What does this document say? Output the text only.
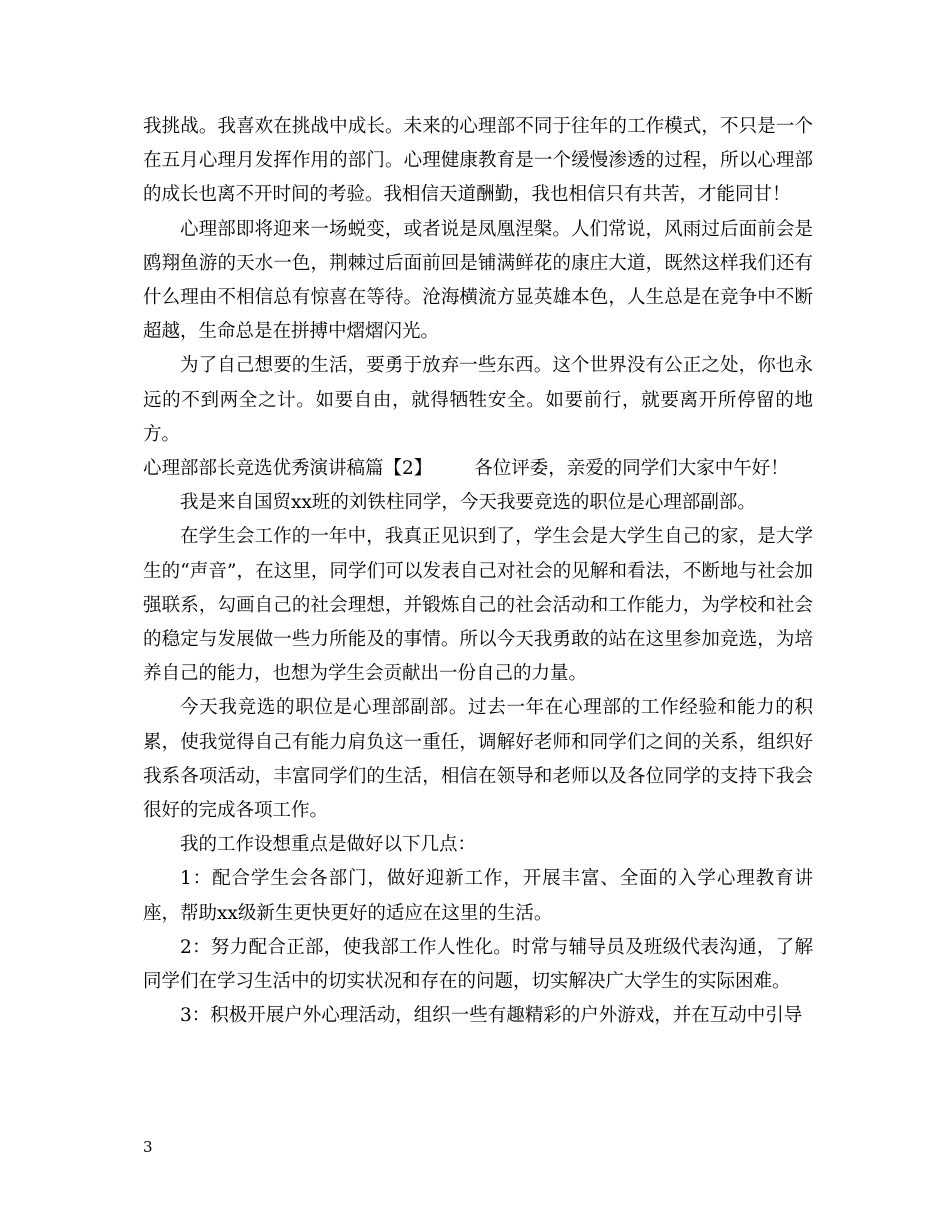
我挑战。我喜欢在挑战中成长。未来的心理部不同于往年的工作模式，不只是一个在五月心理月发挥作用的部门。心理健康教育是一个缓慢渗透的过程，所以心理部的成长也离不开时间的考验。我相信天道酬勤，我也相信只有共苦，才能同甘！

心理部即将迎来一场蜕变，或者说是凤凰涅槃。人们常说，风雨过后面前会是鸥翔鱼游的天水一色，荆棘过后面前回是铺满鲜花的康庄大道，既然这样我们还有什么理由不相信总有惊喜在等待。沧海横流方显英雄本色，人生总是在竞争中不断超越，生命总是在拼搏中熠熠闪光。

为了自己想要的生活，要勇于放弃一些东西。这个世界没有公正之处，你也永远的不到两全之计。如要自由，就得牺牲安全。如要前行，就要离开所停留的地方。

心理部部长竞选优秀演讲稿篇【2】 各位评委，亲爱的同学们大家中午好！

我是来自国贸xx班的刘铁柱同学，今天我要竞选的职位是心理部副部。

在学生会工作的一年中，我真正见识到了，学生会是大学生自己的家，是大学生的“声音”，在这里，同学们可以发表自己对社会的见解和看法，不断地与社会加强联系，勾画自己的社会理想，并锻炼自己的社会活动和工作能力，为学校和社会的稳定与发展做一些力所能及的事情。所以今天我勇敢的站在这里参加竞选，为培养自己的能力，也想为学生会贡献出一份自己的力量。

今天我竞选的职位是心理部副部。过去一年在心理部的工作经验和能力的积累，使我觉得自己有能力肩负这一重任，调解好老师和同学们之间的关系，组织好我系各项活动，丰富同学们的生活，相信在领导和老师以及各位同学的支持下我会很好的完成各项工作。

我的工作设想重点是做好以下几点：

1：配合学生会各部门，做好迎新工作，开展丰富、全面的入学心理教育讲座，帮助xx级新生更快更好的适应在这里的生活。

2：努力配合正部，使我部工作人性化。时常与辅导员及班级代表沟通，了解同学们在学习生活中的切实状况和存在的问题，切实解决广大学生的实际困难。

3：积极开展户外心理活动，组织一些有趣精彩的户外游戏，并在互动中引导

3
